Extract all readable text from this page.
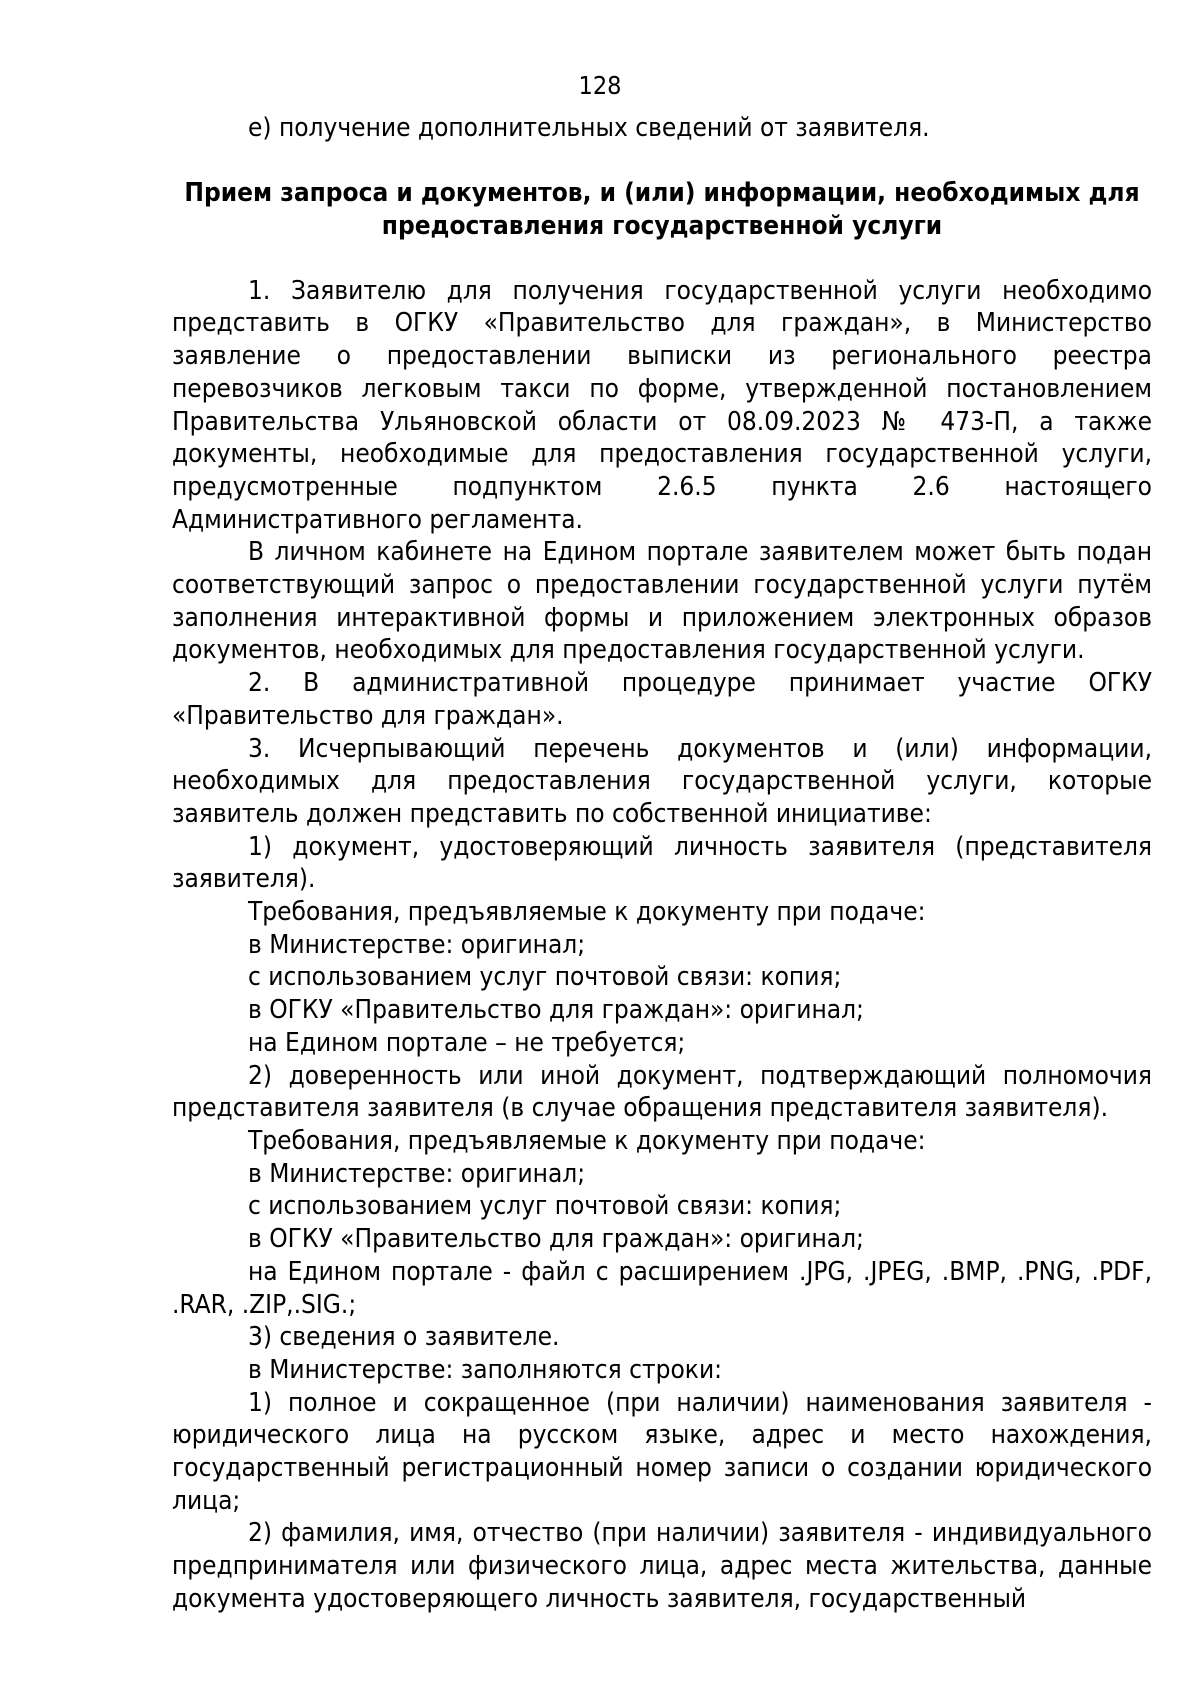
128

е) получение дополнительных сведений от заявителя.

Прием запроса и документов, и (или) информации, необходимых для
предоставления государственной услуги

1. Заявителю для получения государственной услуги необходимо представить в ОГКУ «Правительство для граждан», в Министерство заявление о предоставлении выписки из регионального реестра перевозчиков легковым такси по форме, утвержденной постановлением Правительства Ульяновской области от 08.09.2023 № 473-П, а также документы, необходимые для предоставления государственной услуги, предусмотренные подпунктом 2.6.5 пункта 2.6 настоящего Административного регламента.

В личном кабинете на Едином портале заявителем может быть подан соответствующий запрос о предоставлении государственной услуги путём заполнения интерактивной формы и приложением электронных образов документов, необходимых для предоставления государственной услуги.

2. В административной процедуре принимает участие ОГКУ «Правительство для граждан».

3. Исчерпывающий перечень документов и (или) информации, необходимых для предоставления государственной услуги, которые заявитель должен представить по собственной инициативе:

1) документ, удостоверяющий личность заявителя (представителя заявителя).

Требования, предъявляемые к документу при подаче:

в Министерстве: оригинал;

с использованием услуг почтовой связи: копия;

в ОГКУ «Правительство для граждан»: оригинал;

на Едином портале – не требуется;

2) доверенность или иной документ, подтверждающий полномочия представителя заявителя (в случае обращения представителя заявителя).

Требования, предъявляемые к документу при подаче:

в Министерстве: оригинал;

с использованием услуг почтовой связи: копия;

в ОГКУ «Правительство для граждан»: оригинал;

на Едином портале - файл с расширением .JPG, .JPEG, .BMP, .PNG, .PDF, .RAR, .ZIP,.SIG.;

3) сведения о заявителе.

в Министерстве: заполняются строки:

1) полное и сокращенное (при наличии) наименования заявителя - юридического лица на русском языке, адрес и место нахождения, государственный регистрационный номер записи о создании юридического лица;

2) фамилия, имя, отчество (при наличии) заявителя - индивидуального предпринимателя или физического лица, адрес места жительства, данные документа удостоверяющего личность заявителя, государственный
